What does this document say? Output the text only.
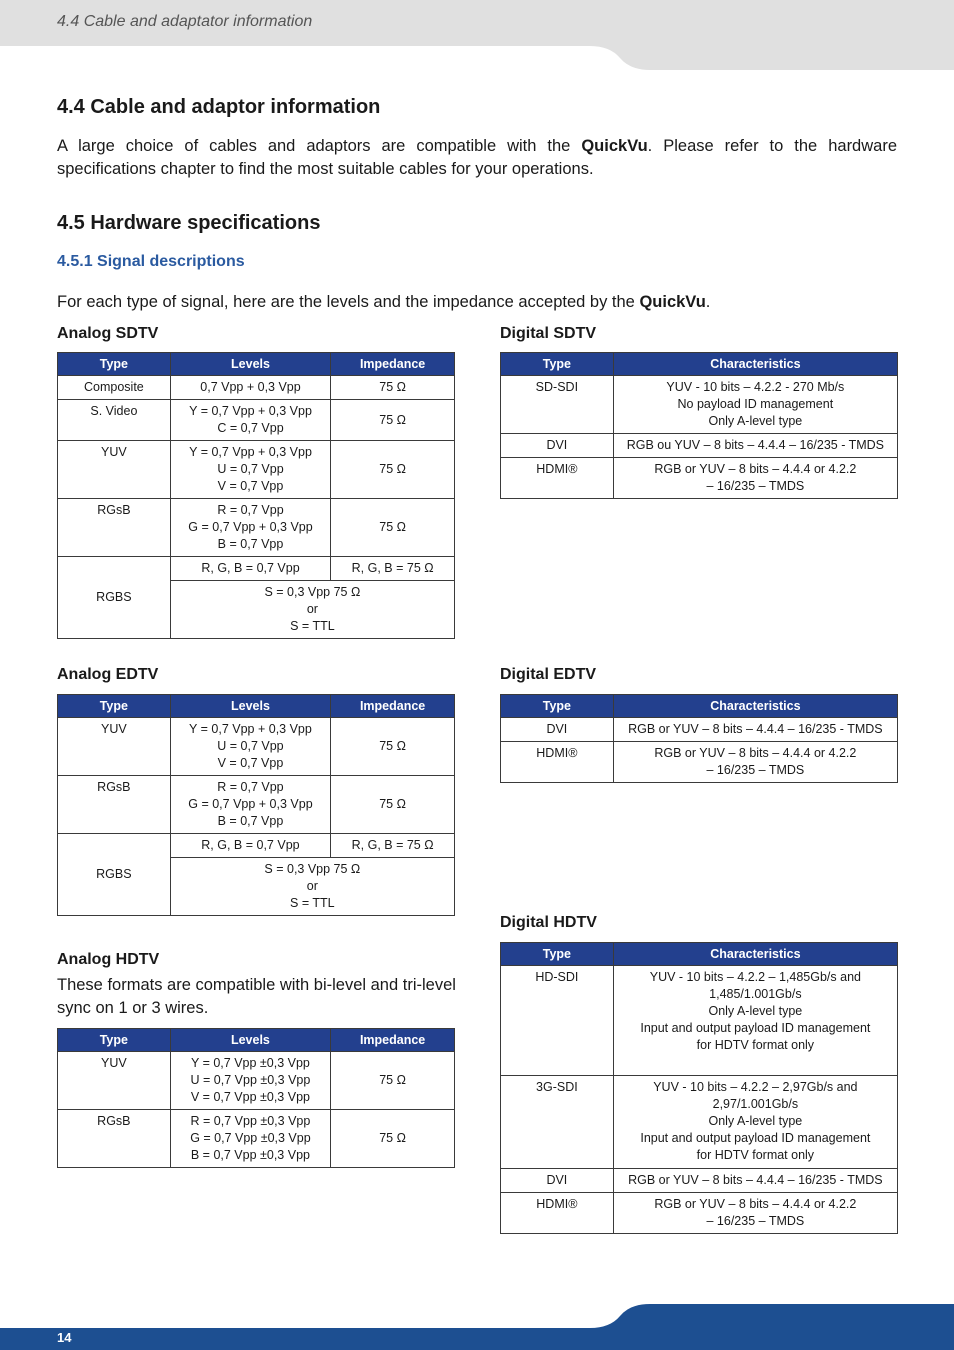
4.4 Cable and adaptator information
4.4 Cable and adaptor information
A large choice of cables and adaptors are compatible with the QuickVu. Please refer to the hardware specifications chapter to find the most suitable cables for your operations.
4.5 Hardware specifications
4.5.1 Signal descriptions
For each type of signal, here are the levels and the impedance accepted by the QuickVu.
Analog SDTV
Type	Levels	Impedance
Composite	0,7 Vpp + 0,3 Vpp	75 Ω
S. Video	Y = 0,7 Vpp + 0,3 Vpp
C = 0,7 Vpp	75 Ω
YUV	Y = 0,7 Vpp + 0,3 Vpp
U = 0,7 Vpp
V = 0,7 Vpp	75 Ω
RGsB	R = 0,7 Vpp
G = 0,7 Vpp + 0,3 Vpp
B = 0,7 Vpp	75 Ω
RGBS	R, G, B = 0,7 Vpp	R, G, B = 75 Ω

	S = 0,3 Vpp 75 Ω
or
S = TTL	
Digital SDTV
Type	Characteristics
SD-SDI	YUV - 10 bits – 4.2.2 - 270 Mb/s
No payload ID management
Only A-level type

DVI	RGB ou YUV – 8 bits – 4.4.4 – 16/235 - TMDS
HDMI®	RGB or YUV – 8 bits – 4.4.4 or 4.2.2
– 16/235 – TMDS
Analog EDTV
Type	Levels	Impedance
YUV	Y = 0,7 Vpp + 0,3 Vpp
U = 0,7 Vpp
V = 0,7 Vpp	75 Ω
RGsB	R = 0,7 Vpp
G = 0,7 Vpp + 0,3 Vpp
B = 0,7 Vpp	75 Ω
RGBS	R, G, B = 0,7 Vpp	R, G, B = 75 Ω

	S = 0,3 Vpp 75 Ω
or
S = TTL	
Digital EDTV
Type	Characteristics
DVI	RGB or YUV – 8 bits – 4.4.4 – 16/235 - TMDS
HDMI®	RGB or YUV – 8 bits – 4.4.4 or 4.2.2
– 16/235 – TMDS
Analog HDTV
These formats are compatible with bi-level and tri-level sync on 1 or 3 wires.
Type	Levels	Impedance
YUV	Y = 0,7 Vpp ±0,3 Vpp
U = 0,7 Vpp ±0,3 Vpp
V = 0,7 Vpp ±0,3 Vpp	75 Ω
RGsB	R = 0,7 Vpp ±0,3 Vpp
G = 0,7 Vpp ±0,3 Vpp
B = 0,7 Vpp ±0,3 Vpp	75 Ω
Digital HDTV
Type	Characteristics
HD-SDI	YUV - 10 bits – 4.2.2 – 1,485Gb/s and
1,485/1.001Gb/s
Only A-level type
Input and output payload ID management
for HDTV format only

3G-SDI	YUV - 10 bits – 4.2.2 – 2,97Gb/s and
2,97/1.001Gb/s
Only A-level type
Input and output payload ID management
for HDTV format only

DVI	RGB or YUV – 8 bits – 4.4.4 – 16/235 - TMDS
HDMI®	RGB or YUV – 8 bits – 4.4.4 or 4.2.2
– 16/235 – TMDS
14
